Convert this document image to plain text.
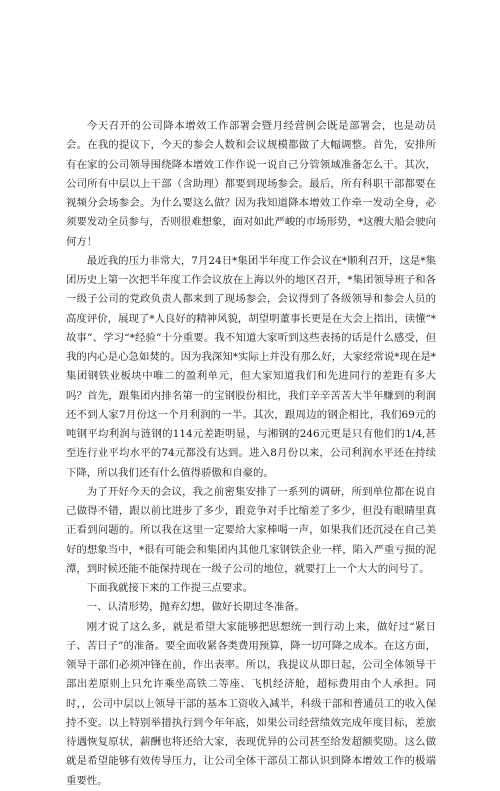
今天召开的公司降本增效工作部署会暨月经营例会既是部署会，也是动员会。在我的提议下，今天的参会人数和会议规模都做了大幅调整。首先，安排所有在家的公司领导围绕降本增效工作作说一说自己分管领域准备怎么干。其次，公司所有中层以上干部（含助理）都要到现场参会。最后，所有科职干部都要在视频分会场参会。为什么要这么做？因为我知道降本增效工作牵一发动全身，必须要发动全员参与，否则很难想象，面对如此严峻的市场形势，*这艘大船会驶向何方！

最近我的压力非常大，7月24日*集团半年度工作会议在*顺利召开，这是*集团历史上第一次把半年度工作会议放在上海以外的地区召开，*集团领导班子和各一级子公司的党政负责人都来到了现场参会，会议得到了各级领导和参会人员的高度评价，展现了*人良好的精神风貌，胡望明董事长更是在大会上指出，读懂“*故事”、学习“*经验”十分重要。我不知道大家听到这些表扬的话是什么感受，但我的内心是心急如焚的。因为我深知*实际上并没有那么好，大家经常说*现在是*集团钢铁业板块中唯二的盈利单元，但大家知道我们和先进同行的差距有多大吗？首先，跟集团内排名第一的宝钢股份相比，我们辛辛苦苦大半年赚到的利润还不到人家7月份这一个月利润的一半。其次，跟周边的钢企相比，我们69元的吨钢平均利润与涟钢的114元差距明显，与湘钢的246元更是只有他们的1/4,甚至连行业平均水平的74元都没有达到。进入8月份以来，公司利润水平还在持续下降，所以我们还有什么值得骄傲和自豪的。

为了开好今天的会议，我之前密集安排了一系列的调研，所到单位都在说自己做得不错，跟以前比进步了多少，跟竞争对手比缩差了多少，但没有眼睛里真正看到问题的。所以我在这里一定要给大家棒喝一声，如果我们还沉浸在自己美好的想象当中，*很有可能会和集团内其他几家钢铁企业一样，陷入严重亏损的泥潭，到时候还能不能保持现在一级子公司的地位，就要打上一个大大的问号了。

下面我就接下来的工作提三点要求。

一、认清形势，抛弃幻想，做好长期过冬准备。

刚才说了这么多，就是希望大家能够把思想统一到行动上来，做好过“紧日子、苦日子”的准备。要全面收紧各类费用预算，降一切可降之成本。在这方面，领导干部们必须冲锋在前，作出表率。所以，我提议从即日起，公司全体领导干部出差原则上只允许乘坐高铁二等座、飞机经济舱，超标费用由个人承担。同时，，公司中层以上领导干部的基本工资收入减半，科级干部和普通员工的收入保持不变。以上特别举措执行到今年年底，如果公司经营绩效完成年度目标，差旅待遇恢复原状，薪酬也将还给大家，表现优异的公司甚至给发超额奖励。这么做就是希望能够有效传导压力，让公司全体干部员工都认识到降本增效工作的极端重要性。
